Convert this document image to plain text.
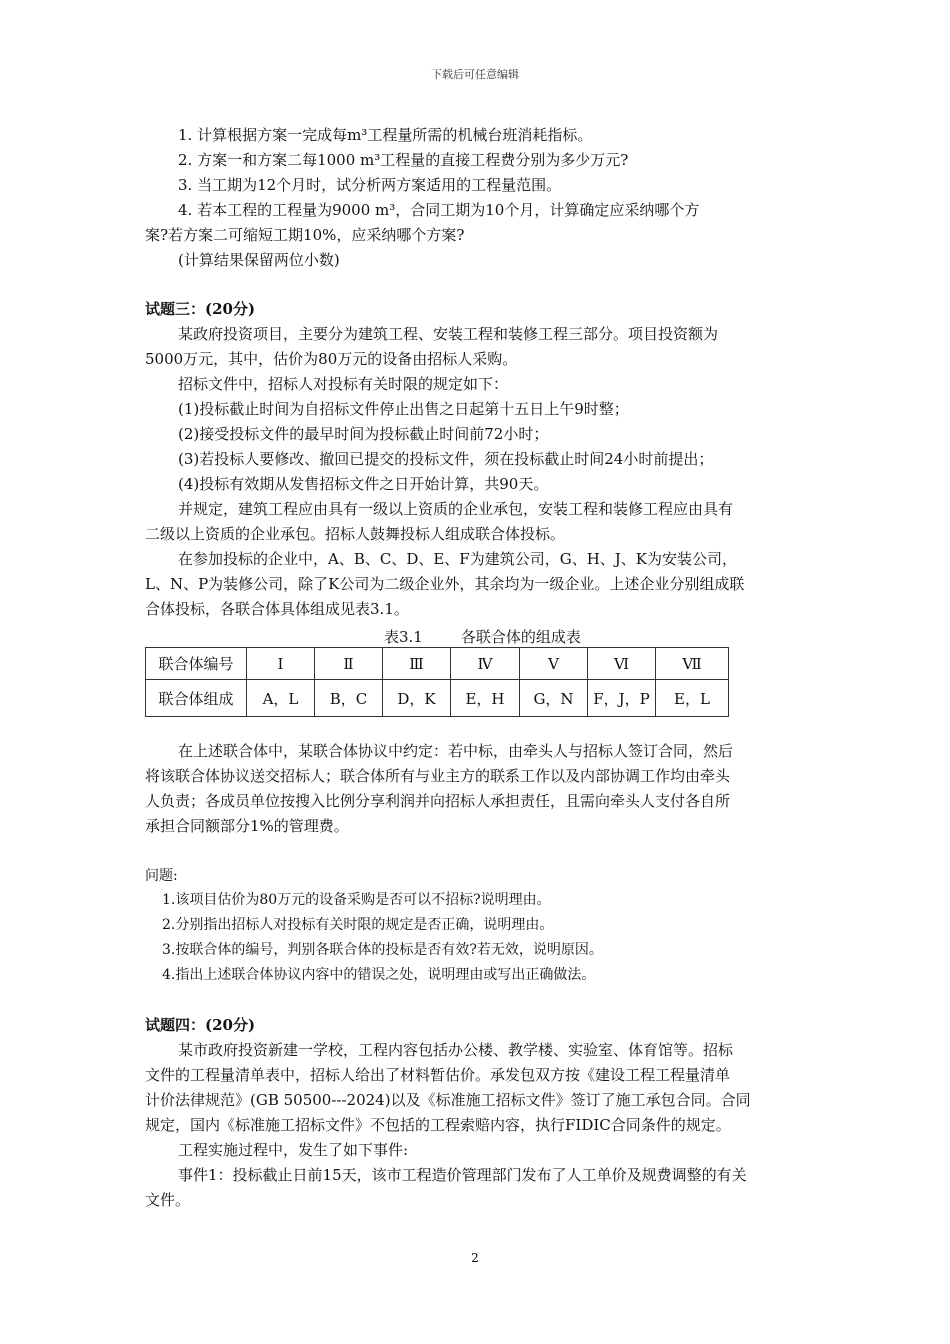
下载后可任意编辑
1. 计算根据方案一完成每m³工程量所需的机械台班消耗指标。
2. 方案一和方案二每1000 m³工程量的直接工程费分别为多少万元?
3. 当工期为12个月时，试分析两方案适用的工程量范围。
4. 若本工程的工程量为9000 m³，合同工期为10个月，计算确定应采纳哪个方
案?若方案二可缩短工期10%，应采纳哪个方案?
(计算结果保留两位小数)
试题三：(20分)
某政府投资项目，主要分为建筑工程、安装工程和装修工程三部分。项目投资额为
5000万元，其中，估价为80万元的设备由招标人采购。
招标文件中，招标人对投标有关时限的规定如下：
(1)投标截止时间为自招标文件停止出售之日起第十五日上午9时整；
(2)接受投标文件的最早时间为投标截止时间前72小时；
(3)若投标人要修改、撤回已提交的投标文件，须在投标截止时间24小时前提出；
(4)投标有效期从发售招标文件之日开始计算，共90天。
并规定，建筑工程应由具有一级以上资质的企业承包，安装工程和装修工程应由具有
二级以上资质的企业承包。招标人鼓舞投标人组成联合体投标。
在参加投标的企业中，A、B、C、D、E、F为建筑公司，G、H、J、K为安装公司，
L、N、P为装修公司，除了K公司为二级企业外，其余均为一级企业。上述企业分别组成联
合体投标，各联合体具体组成见表3.1。
表3.1	各联合体的组成表
联合体编号	Ⅰ	Ⅱ	Ⅲ	Ⅳ	Ⅴ	Ⅵ	Ⅶ
联合体组成	A，L	B，C	D，K	E，H	G，N	F，J，P	E，L
在上述联合体中，某联合体协议中约定：若中标，由牵头人与招标人签订合同，然后
将该联合体协议送交招标人；联合体所有与业主方的联系工作以及内部协调工作均由牵头
人负责；各成员单位按搜入比例分享利润并向招标人承担责任，且需向牵头人支付各自所
承担合同额部分1%的管理费。
问题:
1.该项目估价为80万元的设备采购是否可以不招标?说明理由。
2.分别指出招标人对投标有关时限的规定是否正确，说明理由。
3.按联合体的编号，判别各联合体的投标是否有效?若无效，说明原因。
4.指出上述联合体协议内容中的错误之处，说明理由或写出正确做法。
试题四：(20分)
某市政府投资新建一学校，工程内容包括办公楼、教学楼、实验室、体育馆等。招标
文件的工程量清单表中，招标人给出了材料暂估价。承发包双方按《建设工程工程量清单
计价法律规范》(GB 50500---2024)以及《标准施工招标文件》签订了施工承包合同。合同
规定，国内《标准施工招标文件》不包括的工程索赔内容，执行FIDIC合同条件的规定。
工程实施过程中，发生了如下事件:
事件1：投标截止日前15天，该市工程造价管理部门发布了人工单价及规费调整的有关
文件。
2
